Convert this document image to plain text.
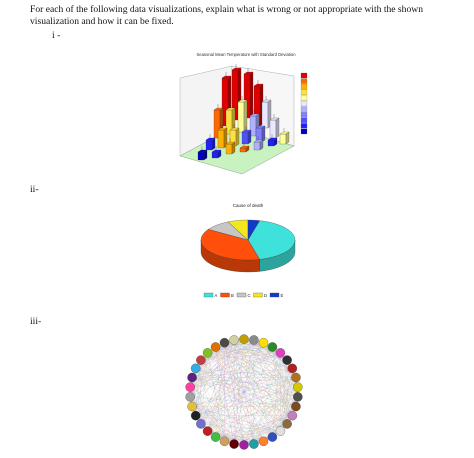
For each of the following data visualizations, explain what is wrong or not appropriate with the shown visualization and how it can be fixed.
i -
ii-
iii-
Seasonal Mean Temperature with Standard Deviation
Cause of death
A	B	C	D	E
